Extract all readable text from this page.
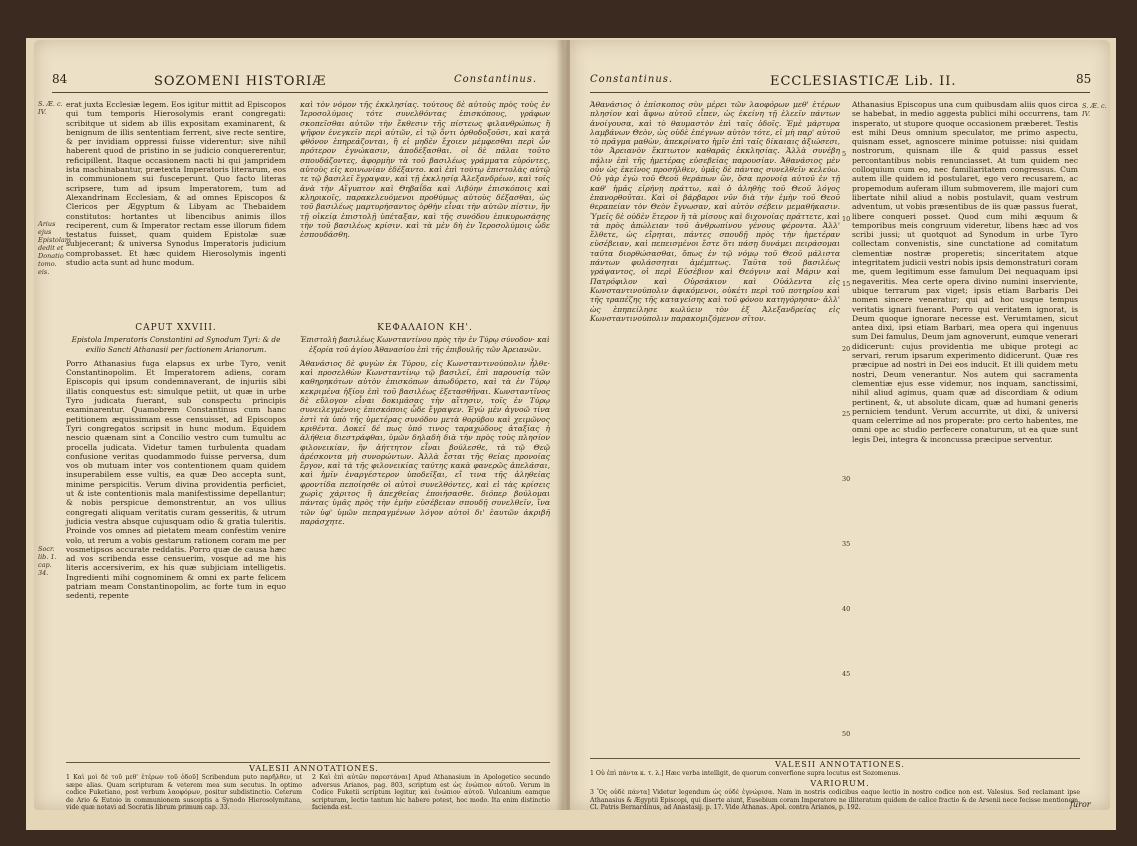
84	SOZOMENI HISTORIÆ	Constantinus.
S. Æ. c. IV.
Arius ejus Epistolam dedit et Donatio tomo. eis.
Socr. lib. 1. cap. 34.

erat juxta Ecclesiæ legem. Eos igitur mittit ad Episcopos qui tum temporis Hierosolymis erant congregati: scribitque ut sidem ab illis expositam examinarent, & benignum de illis sententiam ferrent, sive recte sentire, & per invidiam oppressi fuisse viderentur: sive nihil haberent quod de pristino in se judicio conquererentur, reficipillent. Itaque occasionem nacti hi qui jampridem ista machinabantur, prætexta Imperatoris literarum, eos in communionem sui fusceperunt. Quo facto literas scripsere, tum ad ipsum Imperatorem, tum ad Alexandrinam Ecclesiam, & ad omnes Episcopos & Clericos per Ægyptum & Libyam ac Thebaidem constitutos: hortantes ut libencibus animis illos reciperent, cum & Imperator rectam esse illorum fidem testatus fuisset, quam quidem Epistolæ suæ subjecerant; & universa Synodus Imperatoris judicium comprobasset. Et hæc quidem Hierosolymis ingenti studio acta sunt ad hunc modum.

CAPUT XXVIII.
Epistola Imperatoris Constantini ad Synodum Tyri: & de exilio Sancti Athanasii per factionem Arianorum.

Porro Athanasius fuga elapsus ex urbe Tyro, venit Constantinopolim. Et Imperatorem adiens, coram Episcopis qui ipsum condemnaverant, de injuriis sibi illatis conquestus est: simulque petiit, ut quæ in urbe Tyro judicata fuerant, sub conspectu principis examinarentur. Quamobrem Constantinus cum hanc petitionem æquissimam esse censuisset, ad Episcopos Tyri congregatos scripsit in hunc modum. Equidem nescio quænam sint a Concilio vestro cum tumultu ac procella judicata. Videtur tamen turbulenta quadam confusione veritas quodammodo fuisse perversa, dum vos ob mutuam inter vos contentionem quam quidem insuperabilem esse vultis, ea quæ Deo accepta sunt, minime perspicitis. Verum divina providentia perficiet, ut & iste contentionis mala manifestissime depellantur; & nobis perspicue demonstrentur, an vos ullius congregati aliquam veritatis curam gesseritis, & utrum judicia vestra absque cujusquam odio & gratia tuleritis. Proinde vos omnes ad pietatem meam confestim venire volo, ut rerum a vobis gestarum rationem coram me per vosmetipsos accurate reddatis. Porro quæ de causa hæc ad vos scribenda esse censuerim, vosque ad me his literis accersiverim, ex his quæ subjiciam intelligetis. Ingredienti mihi cognominem & omni ex parte felicem patriam meam Constantinopolim, ac forte tum in equo sedenti, repente

καὶ τὸν νόμον τῆς ἐκκλησίας. τούτους δὲ αὐτοὺς πρὸς τοὺς ἐν Ἱεροσολύμοις τότε συνελθόντας ἐπισκόπους, γράφων σκοπεῖσθαι αὐτῶν τὴν ἔκθεσιν τῆς πίστεως φιλανθρώπως ἢ ψῆφον ἐνεγκεῖν περὶ αὐτῶν, εἰ τῷ ὄντι ὀρθοδοξοῦσι, καὶ κατὰ φθόνον ἐπηρεάζονται, ἢ εἰ μηδὲν ἔχοιεν μέμφεσθαι περὶ ὧν πρότερον ἐγνώκασιν, ἀποδέξασθαι. οἱ δὲ πάλαι τοῦτο σπουδάζοντες, ἀφορμὴν τὰ τοῦ βασιλέως γράμματα εὑρόντες, αὐτοὺς εἰς κοινωνίαν ἐδέξαντο. καὶ ἐπὶ τούτῳ ἐπιστολὰς αὐτῷ τε τῷ βασιλεῖ ἔγραψαν, καὶ τῇ ἐκκλησίᾳ Ἀλεξανδρέων, καὶ τοῖς ἀνὰ τὴν Αἴγυπτον καὶ Θηβαΐδα καὶ Λιβύην ἐπισκόποις καὶ κληρικοῖς, παρακελευόμενοι προθύμως αὐτοὺς δέξασθαι, ὡς τοῦ βασιλέως μαρτυρήσαντος ὀρθὴν εἶναι τὴν αὐτῶν πίστιν, ἣν τῇ οἰκείᾳ ἐπιστολῇ ὑπέταξαν, καὶ τῆς συνόδου ἐπικυρωσάσης τὴν τοῦ βασιλέως κρίσιν. καὶ τὰ μὲν δὴ ἐν Ἱεροσολύμοις ὧδε ἐσπουδάσθη.

ΚΕΦΑΛΑΙΟΝ ΚΗ'.
Ἐπιστολὴ βασιλέως Κωνσταντίνου πρὸς τὴν ἐν Τύρῳ σύνοδον· καὶ ἐξορία τοῦ ἁγίου Ἀθανασίου ἐπὶ τῆς ἐπιβουλῆς τῶν Ἀρειανῶν.

Ἀθανάσιος δὲ φυγὼν ἐκ Τύρου, εἰς Κωνσταντινούπολιν ἦλθε· καὶ προσελθὼν Κωνσταντίνῳ τῷ βασιλεῖ, ἐπὶ παρουσίᾳ τῶν καθηρηκότων αὐτὸν ἐπισκόπων ἀπωδύρετο, καὶ τὰ ἐν Τύρῳ κεκριμένα ἠξίου ἐπὶ τοῦ βασιλέως ἐξετασθῆναι. Κωνσταντῖνος δὲ εὔλογον εἶναι δοκιμάσας τὴν αἴτησιν, τοῖς ἐν Τύρῳ συνειλεγμένοις ἐπισκόποις ὧδε ἔγραψεν. Ἐγὼ μὲν ἀγνοῶ τίνα ἐστὶ τὰ ὑπὸ τῆς ὑμετέρας συνόδου μετὰ θορύβου καὶ χειμῶνος κριθέντα. Δοκεῖ δέ πως ὑπό τινος ταραχώδους ἀταξίας ἡ ἀλήθεια διεστράφθαι, ὑμῶν δηλαδὴ διὰ τὴν πρὸς τοὺς πλησίον φιλονεικίαν, ἣν ἀήττητον εἶναι βούλεσθε, τὰ τῷ Θεῷ ἀρέσκοντα μὴ συνορώντων. Ἀλλὰ ἔσται τῆς θείας προνοίας ἔργον, καὶ τὰ τῆς φιλονεικίας ταύτης κακὰ φανερῶς ἀπελάσαι, καὶ ἡμῖν ἐναργέστερον ὑποδεῖξαι, εἴ τινα τῆς ἀληθείας φροντίδα πεποίησθε οἱ αὐτοὶ συνελθόντες, καὶ εἰ τὰς κρίσεις χωρὶς χάριτος ἢ ἀπεχθείας ἐποιήσασθε. διόπερ βούλομαι πάντας ὑμᾶς πρὸς τὴν ἐμὴν εὐσέβειαν σπουδῇ συνελθεῖν, ἵνα τῶν ὑφ' ὑμῶν πεπραγμένων λόγον αὐτοὶ δι' ἑαυτῶν ἀκριβῆ παράσχητε.

VALESII ANNOTATIONES.
1 Καὶ μοὶ δὲ τοῦ μεθ' ἑτέρων τοῦ ὁδοῦ] Scribendum puto παρῆλθεν, ut sæpe alias. Quam scripturam & veterem mea sum secutus. In optimo codice Fuketiano, post verbum λαοφόρων, positur subdistinctio. Ceterum de Ario & Eutoio in communionem susceptis a Synodo Hierosolymitana, vide quæ notavi ad Socratis librum primum cap. 33.
2 Καὶ ἐπὶ αὐτῶν παρεστάναι] Apud Athanasium in Apologetico secundo adversus Arianos, pag. 803, scriptum est ὡς ἐνώπιον αὐτοῦ. Verum in Codice Fuketii scriptum legitur, καὶ ἐνώπιον αὐτοῦ. Vulcanium eamque scripturam, lectio tantum hic habere potest, hoc modo. Ita enim distinctio facienda est.
Constantinus.	ECCLESIASTICÆ Lib. II.	85
S. Æ. c. IV.

Ἀθανάσιος ὁ ἐπίσκοπος σὺν μέρει τῶν λαοφόρων μεθ' ἑτέρων πλησίον καὶ ἄφνω αὐτοῦ εἶπεν, ὡς ἐκείνη τῇ ἐλεεῖν πάντων ἀνοίγουσα, καὶ τὸ θαυμαστὸν ἐπὶ ταῖς ὁδοῖς. Ἐμὲ μάρτυρα λαμβάνων Θεὸν, ὡς οὐδὲ ἐπέγνων αὐτὸν τότε, εἰ μὴ παρ' αὐτοῦ τὸ πρᾶγμα μαθὼν, ἀπεκρίνατο ἡμῖν ἐπὶ ταῖς δίκαιαις ἀξιώσεσι, τὸν Ἀρειανὸν ἔκπτωτον καθαρᾶς ἐκκλησίας. Ἀλλὰ συνέβη πάλιν ἐπὶ τῆς ἡμετέρας εὐσεβείας παρουσίαν. Ἀθανάσιος μὲν οὖν ὡς ἐκεῖνος προσήλθεν, ὑμᾶς δὲ πάντας συνελθεῖν κελεύω. Οὐ γὰρ ἐγὼ τοῦ Θεοῦ θεράπων ὢν, ὅσα προνοίᾳ αὐτοῦ ἐν τῇ καθ' ἡμᾶς εἰρήνῃ πράττω, καὶ ὁ ἀληθὴς τοῦ Θεοῦ λόγος ἐπανορθοῦται. Καὶ οἱ βάρβαροι νῦν διὰ τὴν ἐμὴν τοῦ Θεοῦ θεραπείαν τὸν Θεὸν ἔγνωσαν, καὶ αὐτὸν σέβειν μεμαθήκασιν. Ὑμεῖς δὲ οὐδὲν ἕτερον ἢ τὰ μίσους καὶ διχονοίας πράττετε, καὶ τὰ πρὸς ἀπώλειαν τοῦ ἀνθρωπίνου γένους φέροντα. Ἀλλ' ἔλθετε, ὡς εἴρηται, πάντες σπουδῇ πρὸς τὴν ἡμετέραν εὐσέβειαν, καὶ πεπεισμένοι ἔστε ὅτι πάσῃ δυνάμει πειράσομαι ταῦτα διορθώσασθαι, ὅπως ἐν τῷ νόμῳ τοῦ Θεοῦ μάλιστα πάντων φυλάσσηται ἀμέμπτως. Ταῦτα τοῦ βασιλέως γράψαντος, οἱ περὶ Εὐσέβιον καὶ Θεόγνιν καὶ Μάριν καὶ Πατρόφιλον καὶ Οὐρσάκιον καὶ Οὐάλεντα εἰς Κωνσταντινούπολιν ἀφικόμενοι, οὐκέτι περὶ τοῦ ποτηρίου καὶ τῆς τραπέζης τῆς καταγείσης καὶ τοῦ φόνου κατηγόρησαν· ἀλλ' ὡς ἐπηπείλησε κωλύειν τὸν ἐξ Ἀλεξανδρείας εἰς Κωνσταντινούπολιν παρακομιζόμενον σῖτον.

Athanasius Episcopus una cum quibusdam aliis quos circa se habebat, in medio aggesta publici mihi occurrens, tam insperato, ut stupore quoque occasionem præberet. Testis est mihi Deus omnium speculator, me primo aspectu, quisnam esset, agnoscere minime potuisse: nisi quidam nostrorum, quisnam ille & quid passus esset percontantibus nobis renunciasset. At tum quidem nec colloquium cum eo, nec familiaritatem congressus. Cum autem ille quidem id postularet, ego vero recusarem, ac propemodum auferam illum submoverem, ille majori cum libertate nihil aliud a nobis postulavit, quam vestrum adventum, ut vobis præsentibus de iis quæ passus fuerat, libere conqueri posset. Quod cum mihi æquum & temporibus meis congruum videretur, libens hæc ad vos scribi jussi; ut quotquot ad Synodum in urbe Tyro collectam convenistis, sine cunctatione ad comitatum clementiæ nostræ properetis; sinceritatem atque integritatem judicii vestri nobis ipsis demonstraturi coram me, quem legitimum esse famulum Dei nequaquam ipsi negaveritis. Mea certe opera divino numini inserviente, ubique terrarum pax viget; ipsis etiam Barbaris Dei nomen sincere veneratur; qui ad hoc usque tempus veritatis ignari fuerant. Porro qui veritatem ignorat, is Deum quoque ignorare necesse est. Verumtamen, sicut antea dixi, ipsi etiam Barbari, mea opera qui ingenuus sum Dei famulus, Deum jam agnoverunt, eumque venerari didicerunt: cujus providentia me ubique protegi ac servari, rerum ipsarum experimento didicerunt. Quæ res præcipue ad nostri in Dei eos inducit. Et illi quidem metu nostri, Deum venerantur. Nos autem qui sacramenta clementiæ ejus esse videmur, nos inquam, sanctissimi, nihil aliud agimus, quam quæ ad discordiam & odium pertinent, &, ut absolute dicam, quæ ad humani generis perniciem tendunt. Verum accurrite, ut dixi, & universi quam celerrime ad nos properate: pro certo habentes, me omni ope ac studio perfecere conaturum, ut ea quæ sunt legis Dei, integra & inconcussa præcipue serventur.

5
10
15
20
25
30
35
40
45
50
VALESII ANNOTATIONES.
1 Οὐ ἐπὶ πάντα κ. τ. λ.] Hæc verba intelligit, de quorum converfione supra locutus est Sozomenus.
VARIORUM.
3 Ὃς οὐδὲ πάντα] Videtur legendum ὡς οὐδὲ ἐγνώρισα. Nam in nostris codicibus eaque lectio in nostro codice non est. Valesius. Sed reclamant ipse Athanasius & Ægyptii Episcopi, qui diserte aiunt, Eusebium coram Imperatore ne illiteratum quidem de calice fractio & de Arsenii nece fecisse mentionem. Cl. Patris Bernardinus, ad Anastasij. p. 17. Vide Athanas. Apol. contra Arianos, p. 192.	furor
